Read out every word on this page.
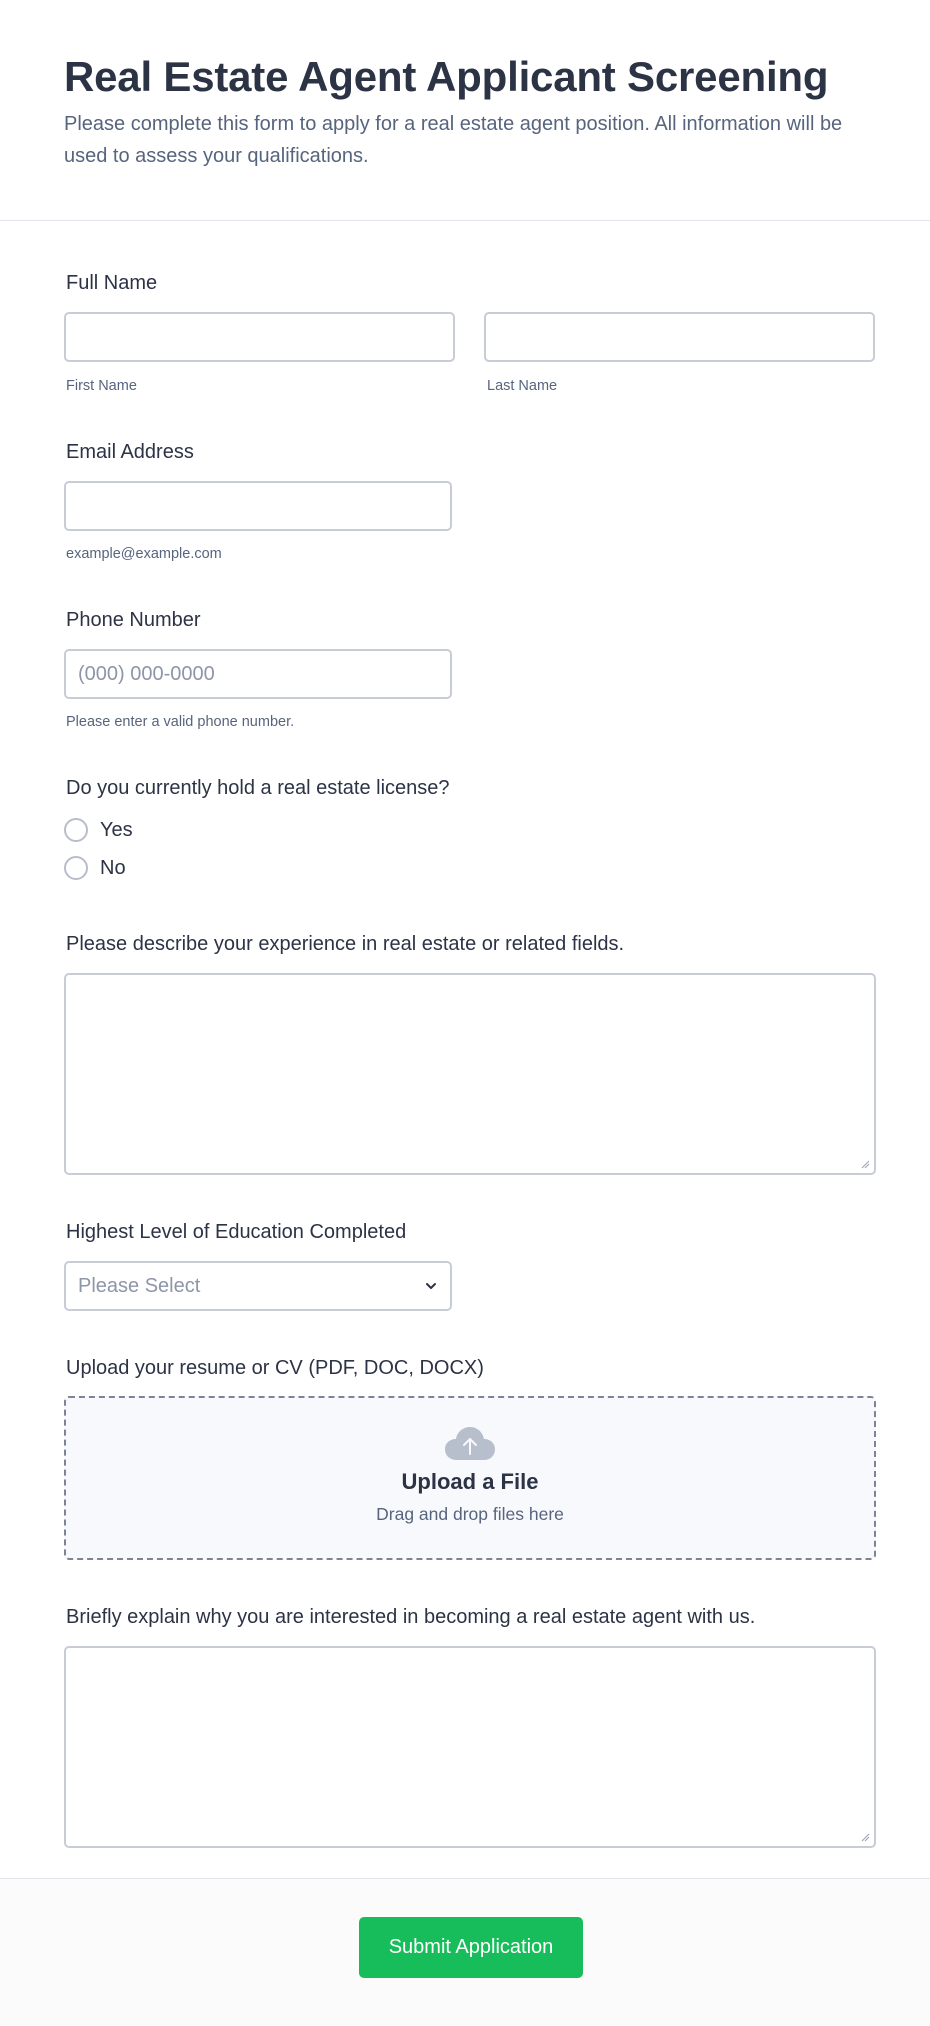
Real Estate Agent Applicant Screening

Please complete this form to apply for a real estate agent position. All information will be used to assess your qualifications.

Full Name
First Name	Last Name
Email Address
example@example.com
Phone Number
(000) 000-0000
Please enter a valid phone number.
Do you currently hold a real estate license?
Yes
No
Please describe your experience in real estate or related fields.
Highest Level of Education Completed
Please Select
Upload your resume or CV (PDF, DOC, DOCX)
Upload a File
Drag and drop files here
Briefly explain why you are interested in becoming a real estate agent with us.
Submit Application
